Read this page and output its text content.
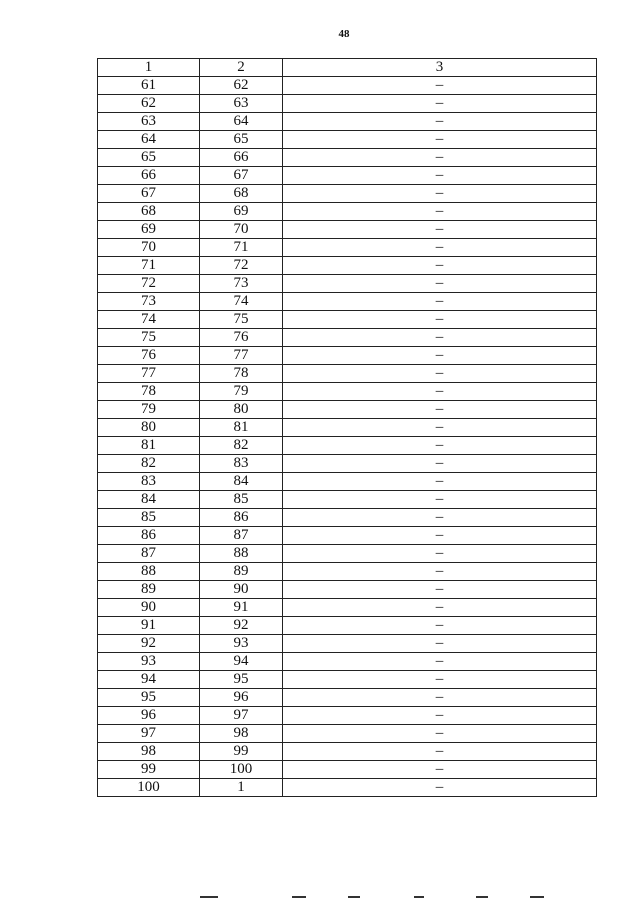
48
1	2	3
61	62	–
62	63	–
63	64	–
64	65	–
65	66	–
66	67	–
67	68	–
68	69	–
69	70	–
70	71	–
71	72	–
72	73	–
73	74	–
74	75	–
75	76	–
76	77	–
77	78	–
78	79	–
79	80	–
80	81	–
81	82	–
82	83	–
83	84	–
84	85	–
85	86	–
86	87	–
87	88	–
88	89	–
89	90	–
90	91	–
91	92	–
92	93	–
93	94	–
94	95	–
95	96	–
96	97	–
97	98	–
98	99	–
99	100	–
100	1	–
